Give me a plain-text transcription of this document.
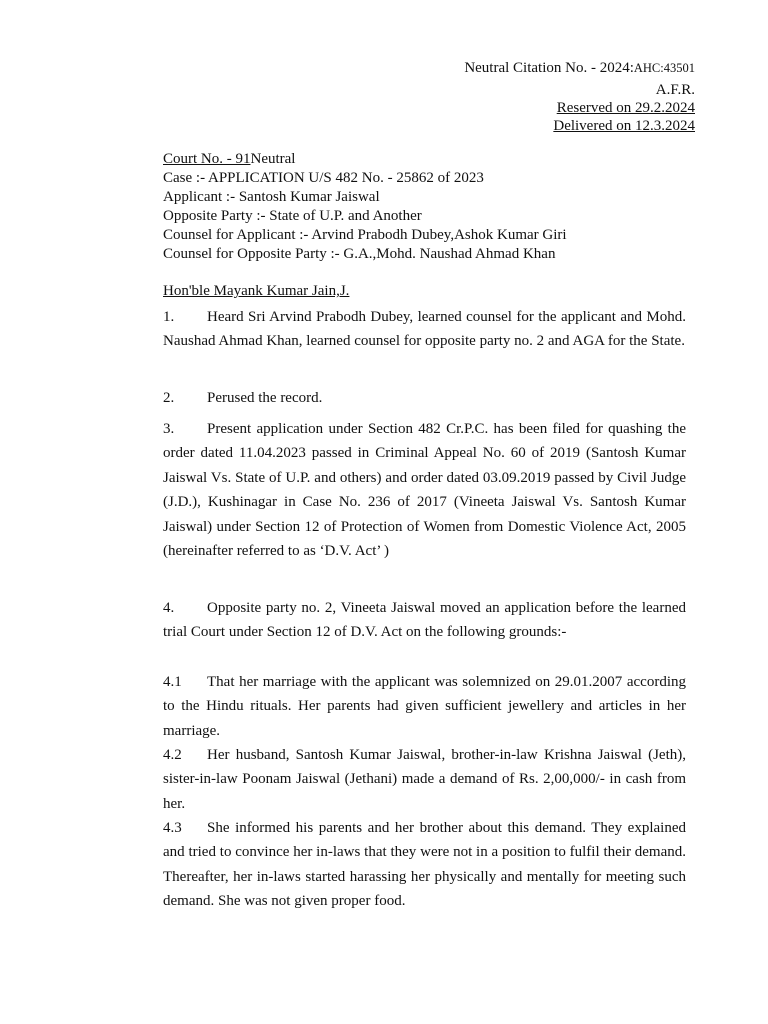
Neutral Citation No. - 2024:AHC:43501
A.F.R.
Reserved on 29.2.2024
Delivered on 12.3.2024
Court No. - 91Neutral
Case :- APPLICATION U/S 482 No. - 25862 of 2023
Applicant :- Santosh Kumar Jaiswal
Opposite Party :- State of U.P. and Another
Counsel for Applicant :- Arvind Prabodh Dubey,Ashok Kumar Giri
Counsel for Opposite Party :- G.A.,Mohd. Naushad Ahmad Khan
Hon'ble Mayank Kumar Jain,J.
1. Heard Sri Arvind Prabodh Dubey, learned counsel for the applicant and Mohd. Naushad Ahmad Khan, learned counsel for opposite party no. 2 and AGA for the State.
2. Perused the record.
3. Present application under Section 482 Cr.P.C. has been filed for quashing the order dated 11.04.2023 passed in Criminal Appeal No. 60 of 2019 (Santosh Kumar Jaiswal Vs. State of U.P. and others) and order dated 03.09.2019 passed by Civil Judge (J.D.), Kushinagar in Case No. 236 of 2017 (Vineeta Jaiswal Vs. Santosh Kumar Jaiswal) under Section 12 of Protection of Women from Domestic Violence Act, 2005 (hereinafter referred to as ‘D.V. Act’ )
4. Opposite party no. 2, Vineeta Jaiswal moved an application before the learned trial Court under Section 12 of D.V. Act on the following grounds:-
4.1 That her marriage with the applicant was solemnized on 29.01.2007 according to the Hindu rituals. Her parents had given sufficient jewellery and articles in her marriage.
4.2 Her husband, Santosh Kumar Jaiswal, brother-in-law Krishna Jaiswal (Jeth), sister-in-law Poonam Jaiswal (Jethani) made a demand of Rs. 2,00,000/- in cash from her.
4.3 She informed his parents and her brother about this demand. They explained and tried to convince her in-laws that they were not in a position to fulfil their demand. Thereafter, her in-laws started harassing her physically and mentally for meeting such demand. She was not given proper food.
